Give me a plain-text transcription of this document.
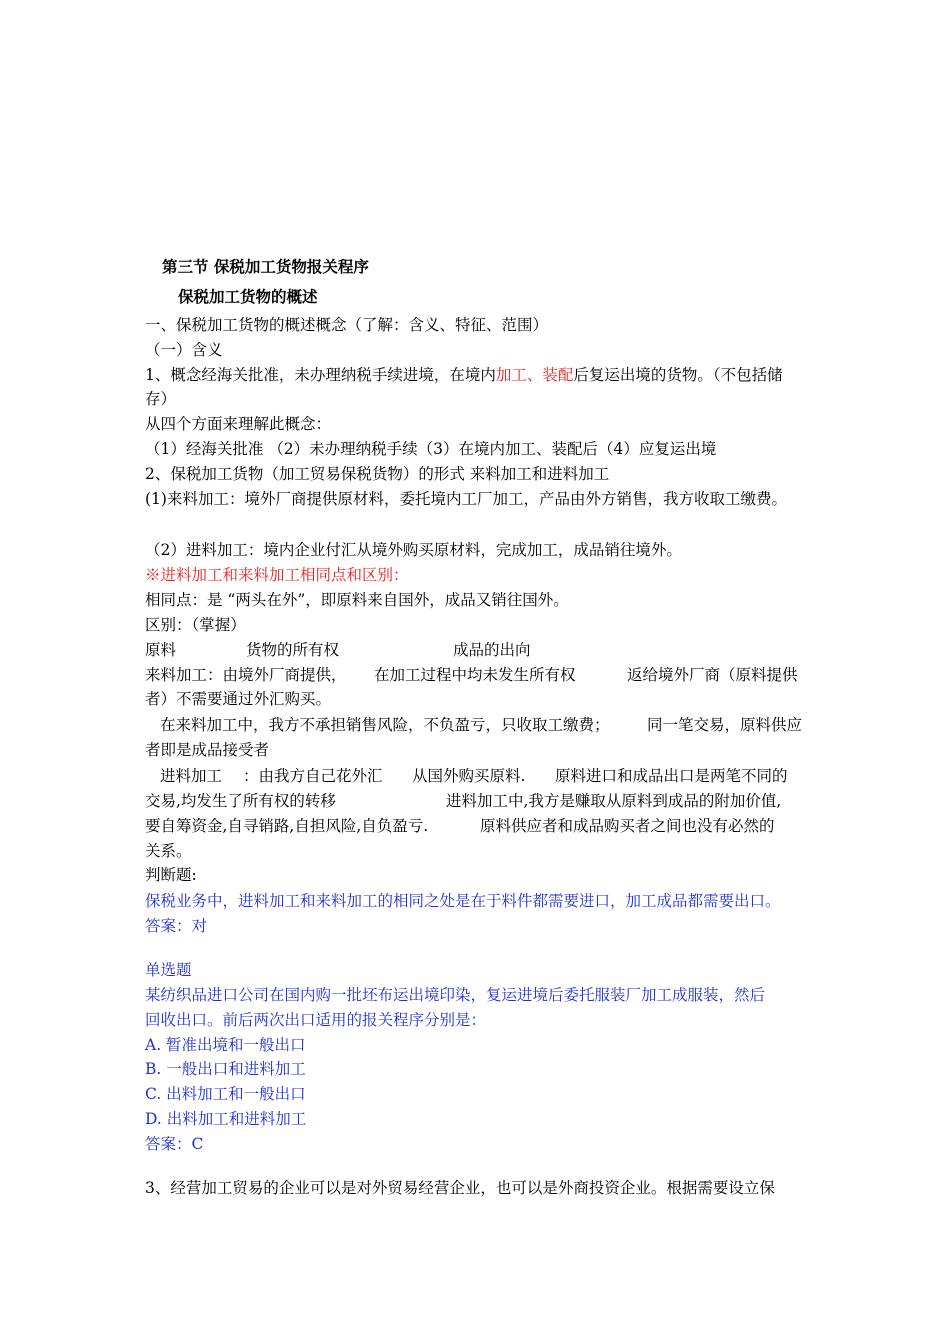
第三节 保税加工货物报关程序
保税加工货物的概述
一、保税加工货物的概述概念（了解：含义、特征、范围）
（一）含义
1、概念经海关批准，未办理纳税手续进境，在境内加工、装配后复运出境的货物。（不包括储
存）
从四个方面来理解此概念：
（1）经海关批准 （2）未办理纳税手续（3）在境内加工、装配后（4）应复运出境
2、保税加工货物（加工贸易保税货物）的形式 来料加工和进料加工
(1)来料加工：境外厂商提供原材料，委托境内工厂加工，产品由外方销售，我方收取工缴费。
（2）进料加工：境内企业付汇从境外购买原材料，完成加工，成品销往境外。
※进料加工和来料加工相同点和区别：
相同点：是 “两头在外”，即原料来自国外，成品又销往国外。
区别：（掌握）
原料	货物的所有权	成品的出向
来料加工：由境外厂商提供， 在加工过程中均未发生所有权	返给境外厂商（原料提供
者）不需要通过外汇购买。
在来料加工中，我方不承担销售风险，不负盈亏，只收取工缴费； 同一笔交易，原料供应
者即是成品接受者
进料加工 ：由我方自己花外汇 从国外购买原料. 原料进口和成品出口是两笔不同的
交易,均发生了所有权的转移	进料加工中,我方是赚取从原料到成品的附加价值,
要自筹资金,自寻销路,自担风险,自负盈亏.	原料供应者和成品购买者之间也没有必然的
关系。
判断题:
保税业务中，进料加工和来料加工的相同之处是在于料件都需要进口，加工成品都需要出口。
答案：对
单选题
某纺织品进口公司在国内购一批坯布运出境印染，复运进境后委托服装厂加工成服装，然后
回收出口。前后两次出口适用的报关程序分别是：
A. 暂准出境和一般出口
B. 一般出口和进料加工
C. 出料加工和一般出口
D. 出料加工和进料加工
答案：C
3、经营加工贸易的企业可以是对外贸易经营企业，也可以是外商投资企业。根据需要设立保
